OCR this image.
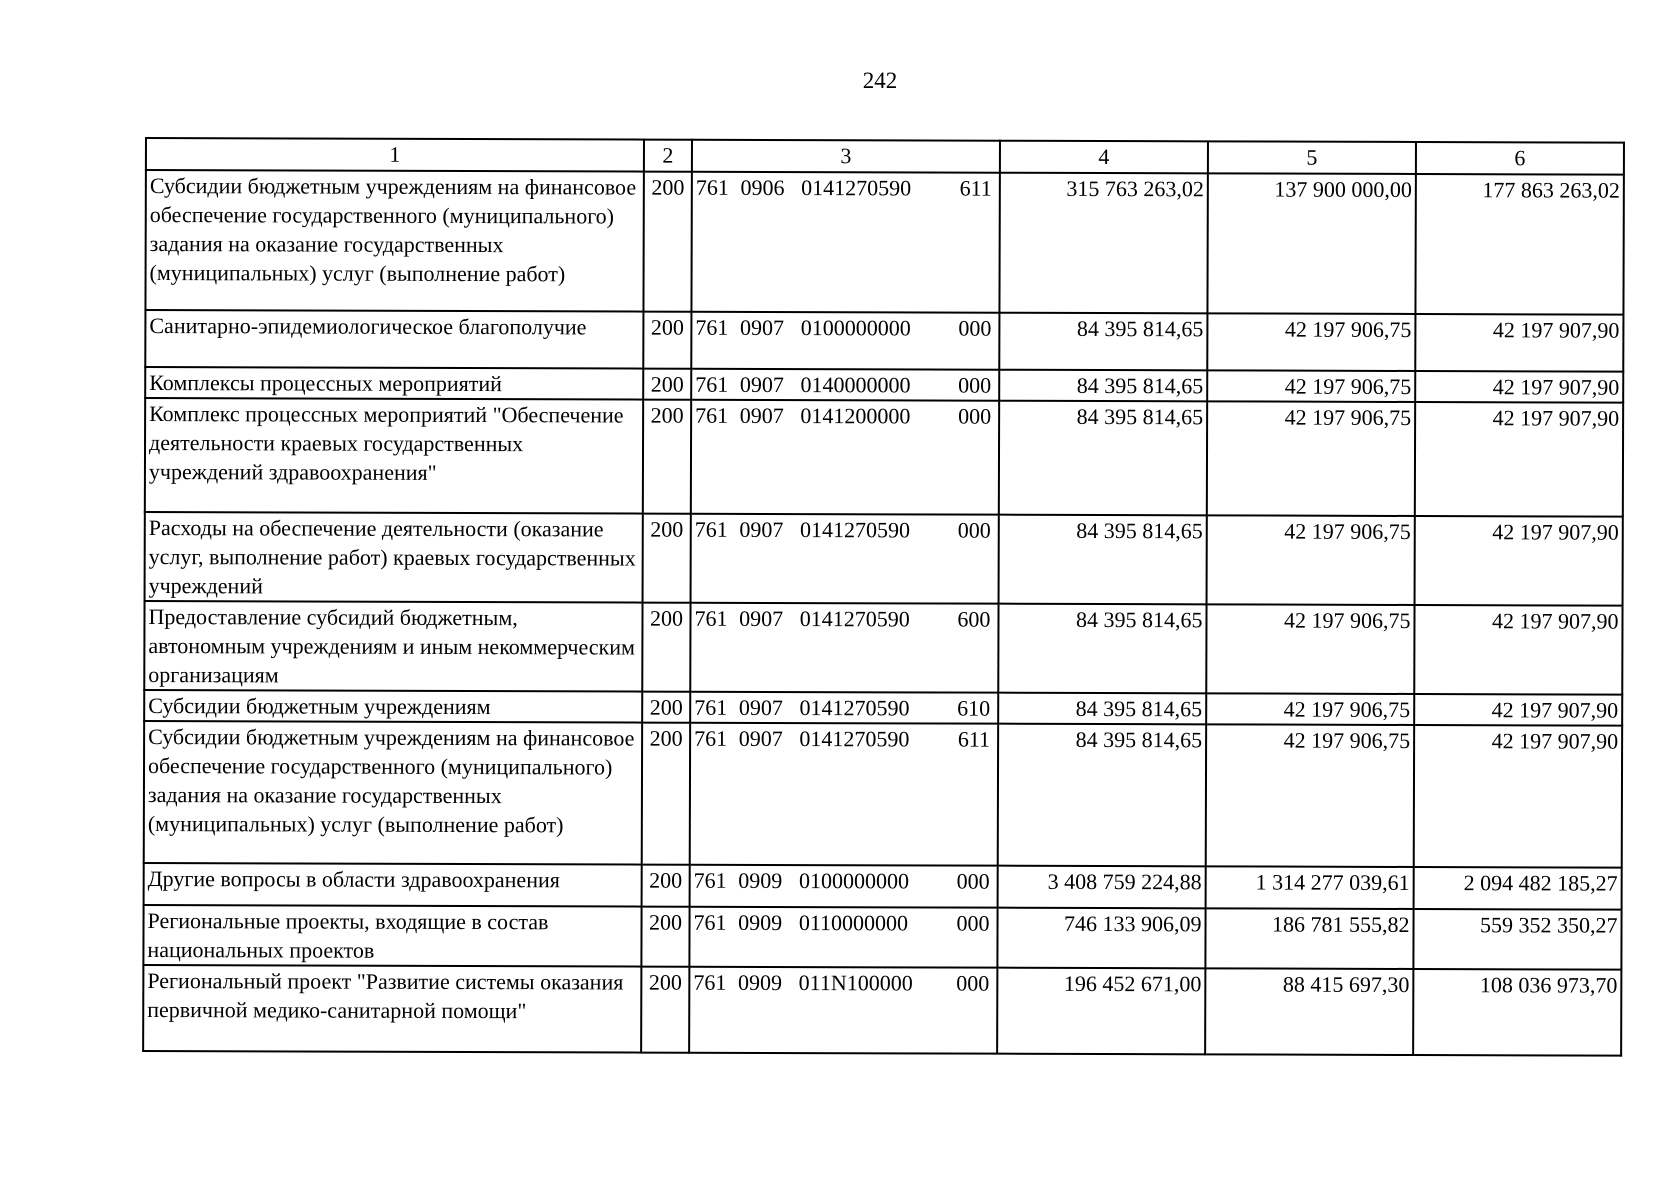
242
1	2	3	4	5	6
Субсидии бюджетным учреждениям на финансовое обеспечение государственного (муниципального) задания на оказание государственных (муниципальных) услуг (выполнение работ)	200	761 0906 0141270590 611	315 763 263,02	137 900 000,00	177 863 263,02
Санитарно-эпидемиологическое благополучие	200	761 0907 0100000000 000	84 395 814,65	42 197 906,75	42 197 907,90
Комплексы процессных мероприятий	200	761 0907 0140000000 000	84 395 814,65	42 197 906,75	42 197 907,90
Комплекс процессных мероприятий "Обеспечение деятельности краевых государственных учреждений здравоохранения"	200	761 0907 0141200000 000	84 395 814,65	42 197 906,75	42 197 907,90
Расходы на обеспечение деятельности (оказание услуг, выполнение работ) краевых государственных учреждений	200	761 0907 0141270590 000	84 395 814,65	42 197 906,75	42 197 907,90
Предоставление субсидий бюджетным, автономным учреждениям и иным некоммерческим организациям	200	761 0907 0141270590 600	84 395 814,65	42 197 906,75	42 197 907,90
Субсидии бюджетным учреждениям	200	761 0907 0141270590 610	84 395 814,65	42 197 906,75	42 197 907,90
Субсидии бюджетным учреждениям на финансовое обеспечение государственного (муниципального) задания на оказание государственных (муниципальных) услуг (выполнение работ)	200	761 0907 0141270590 611	84 395 814,65	42 197 906,75	42 197 907,90
Другие вопросы в области здравоохранения	200	761 0909 0100000000 000	3 408 759 224,88	1 314 277 039,61	2 094 482 185,27
Региональные проекты, входящие в состав национальных проектов	200	761 0909 0110000000 000	746 133 906,09	186 781 555,82	559 352 350,27
Региональный проект "Развитие системы оказания первичной медико-санитарной помощи"	200	761 0909 011N100000 000	196 452 671,00	88 415 697,30	108 036 973,70
